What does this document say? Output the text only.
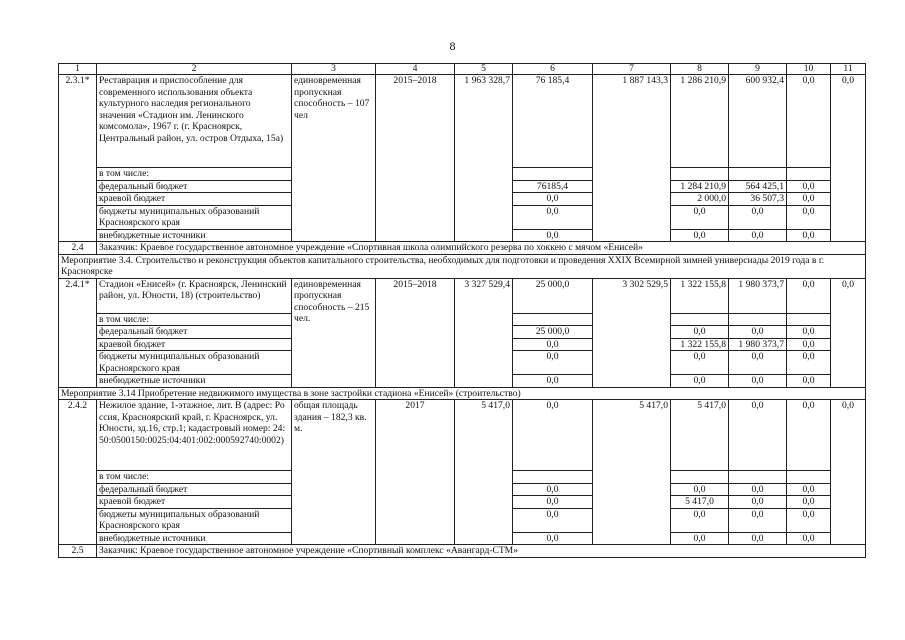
8
1	2	3	4	5	6	7	8	9	10	11
2.3.1*	Реставрация и приспособление для современного использования объекта культурного наследия регионального значения «Стадион им. Ленинского комсомола», 1967 г. (г. Красноярск, Центральный район, ул. остров Отдыха, 15а)	единовременная пропускная способность – 107 чел	2015–2018	1 963 328,7	76 185,4	1 887 143,3	1 286 210,9	600 932,4	0,0	0,0
	в том числе:									
	федеральный бюджет				76185,4		1 284 210,9	564 425,1	0,0	
	краевой бюджет				0,0		2 000,0	36 507,3	0,0	
	бюджеты муниципальных образований Красноярского края				0,0		0,0	0,0	0,0	
	внебюджетные источники				0,0		0,0	0,0	0,0	
2.4	Заказчик: Краевое государственное автономное учреждение «Спортивная школа олимпийского резерва по хоккею с мячом «Енисей»									
Мероприятие 3.4. Строительство и реконструкция объектов капитального строительства, необходимых для подготовки и проведения XXIX Всемирной зимней универсиады 2019 года в г. Красноярске										
2.4.1*	Стадион «Енисей» (г. Красноярск, Ленинский район, ул. Юности, 18) (строительство)	единовременная пропускная способность – 215 чел.	2015–2018	3 327 529,4	25 000,0	3 302 529,5	1 322 155,8	1 980 373,7	0,0	0,0
	в том числе:									
	федеральный бюджет				25 000,0		0,0	0,0	0,0	
	краевой бюджет				0,0		1 322 155,8	1 980 373,7	0,0	
	бюджеты муниципальных образований Красноярского края				0,0		0,0	0,0	0,0	
	внебюджетные источники				0,0		0,0	0,0	0,0	
Мероприятие 3.14 Приобретение недвижимого имущества в зоне застройки стадиона «Енисей» (строительство)										
2.4.2	Нежилое здание, 1-этажное, лит. В (адрес: Россия, Красноярский край, г. Красноярск, ул. Юности, зд.16, стр.1; кадастровый номер: 24:50:0500150:0025:04:401:002:000592740:0002)	общая площадь здания – 182,3 кв. м.	2017	5 417,0	0,0	5 417,0	5 417,0	0,0	0,0	0,0
	в том числе:									
	федеральный бюджет				0,0		0,0	0,0	0,0	
	краевой бюджет				0,0		5 417,0	0,0	0,0	
	бюджеты муниципальных образований Красноярского края				0,0		0,0	0,0	0,0	
	внебюджетные источники				0,0		0,0	0,0	0,0	
2.5	Заказчик: Краевое государственное автономное учреждение «Спортивный комплекс «Авангард-СТМ»									
